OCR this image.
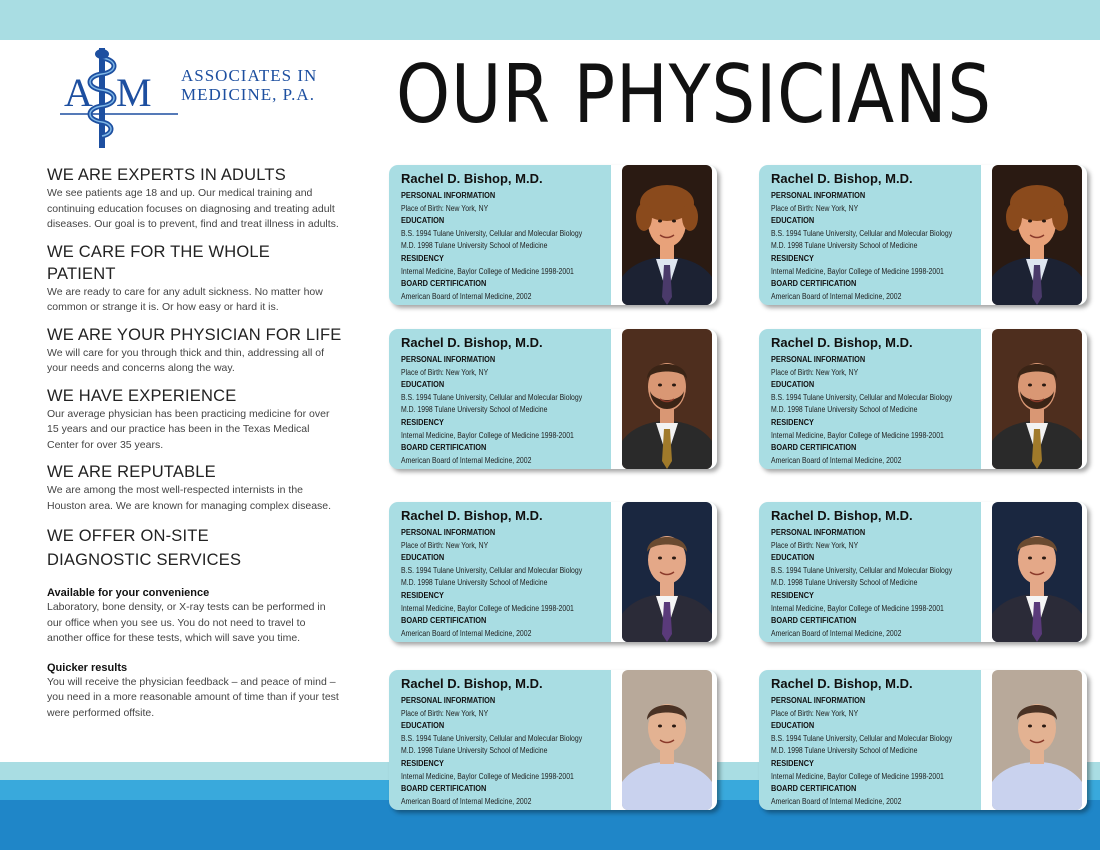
A M ASSOCIATES IN
MEDICINE, P.A. OUR PHYSICIANS
WE ARE EXPERTS IN ADULTS

We see patients age 18 and up. Our medical training and continuing education focuses on diagnosing and treating adult diseases. Our goal is to prevent, find and treat illness in adults.

WE CARE FOR THE WHOLE PATIENT

We are ready to care for any adult sickness. No matter how common or strange it is. Or how easy or hard it is.

WE ARE YOUR PHYSICIAN FOR LIFE

We will care for you through thick and thin, addressing all of your needs and concerns along the way.

WE HAVE EXPERIENCE

Our average physician has been practicing medicine for over 15 years and our practice has been in the Texas Medical Center for over 35 years.

WE ARE REPUTABLE

We are among the most well-respected internists in the Houston area. We are known for managing complex disease.

WE OFFER ON-SITE DIAGNOSTIC SERVICES
Available for your convenience

Laboratory, bone density, or X-ray tests can be performed in our office when you see us. You do not need to travel to another office for these tests, which will save you time.

Quicker results

You will receive the physician feedback – and peace of mind – you need in a more reasonable amount of time than if your test were performed offsite.

Rachel D. Bishop, M.D.
PERSONAL INFORMATION
Place of Birth: New York, NY
EDUCATION
B.S. 1994 Tulane University, Cellular and Molecular Biology
M.D. 1998 Tulane University School of Medicine
RESIDENCY
Internal Medicine, Baylor College of Medicine 1998-2001
BOARD CERTIFICATION
American Board of Internal Medicine, 2002
Rachel D. Bishop, M.D.
PERSONAL INFORMATION
Place of Birth: New York, NY
EDUCATION
B.S. 1994 Tulane University, Cellular and Molecular Biology
M.D. 1998 Tulane University School of Medicine
RESIDENCY
Internal Medicine, Baylor College of Medicine 1998-2001
BOARD CERTIFICATION
American Board of Internal Medicine, 2002
Rachel D. Bishop, M.D.
PERSONAL INFORMATION
Place of Birth: New York, NY
EDUCATION
B.S. 1994 Tulane University, Cellular and Molecular Biology
M.D. 1998 Tulane University School of Medicine
RESIDENCY
Internal Medicine, Baylor College of Medicine 1998-2001
BOARD CERTIFICATION
American Board of Internal Medicine, 2002
Rachel D. Bishop, M.D.
PERSONAL INFORMATION
Place of Birth: New York, NY
EDUCATION
B.S. 1994 Tulane University, Cellular and Molecular Biology
M.D. 1998 Tulane University School of Medicine
RESIDENCY
Internal Medicine, Baylor College of Medicine 1998-2001
BOARD CERTIFICATION
American Board of Internal Medicine, 2002
Rachel D. Bishop, M.D.
PERSONAL INFORMATION
Place of Birth: New York, NY
EDUCATION
B.S. 1994 Tulane University, Cellular and Molecular Biology
M.D. 1998 Tulane University School of Medicine
RESIDENCY
Internal Medicine, Baylor College of Medicine 1998-2001
BOARD CERTIFICATION
American Board of Internal Medicine, 2002
Rachel D. Bishop, M.D.
PERSONAL INFORMATION
Place of Birth: New York, NY
EDUCATION
B.S. 1994 Tulane University, Cellular and Molecular Biology
M.D. 1998 Tulane University School of Medicine
RESIDENCY
Internal Medicine, Baylor College of Medicine 1998-2001
BOARD CERTIFICATION
American Board of Internal Medicine, 2002
Rachel D. Bishop, M.D.
PERSONAL INFORMATION
Place of Birth: New York, NY
EDUCATION
B.S. 1994 Tulane University, Cellular and Molecular Biology
M.D. 1998 Tulane University School of Medicine
RESIDENCY
Internal Medicine, Baylor College of Medicine 1998-2001
BOARD CERTIFICATION
American Board of Internal Medicine, 2002
Rachel D. Bishop, M.D.
PERSONAL INFORMATION
Place of Birth: New York, NY
EDUCATION
B.S. 1994 Tulane University, Cellular and Molecular Biology
M.D. 1998 Tulane University School of Medicine
RESIDENCY
Internal Medicine, Baylor College of Medicine 1998-2001
BOARD CERTIFICATION
American Board of Internal Medicine, 2002
